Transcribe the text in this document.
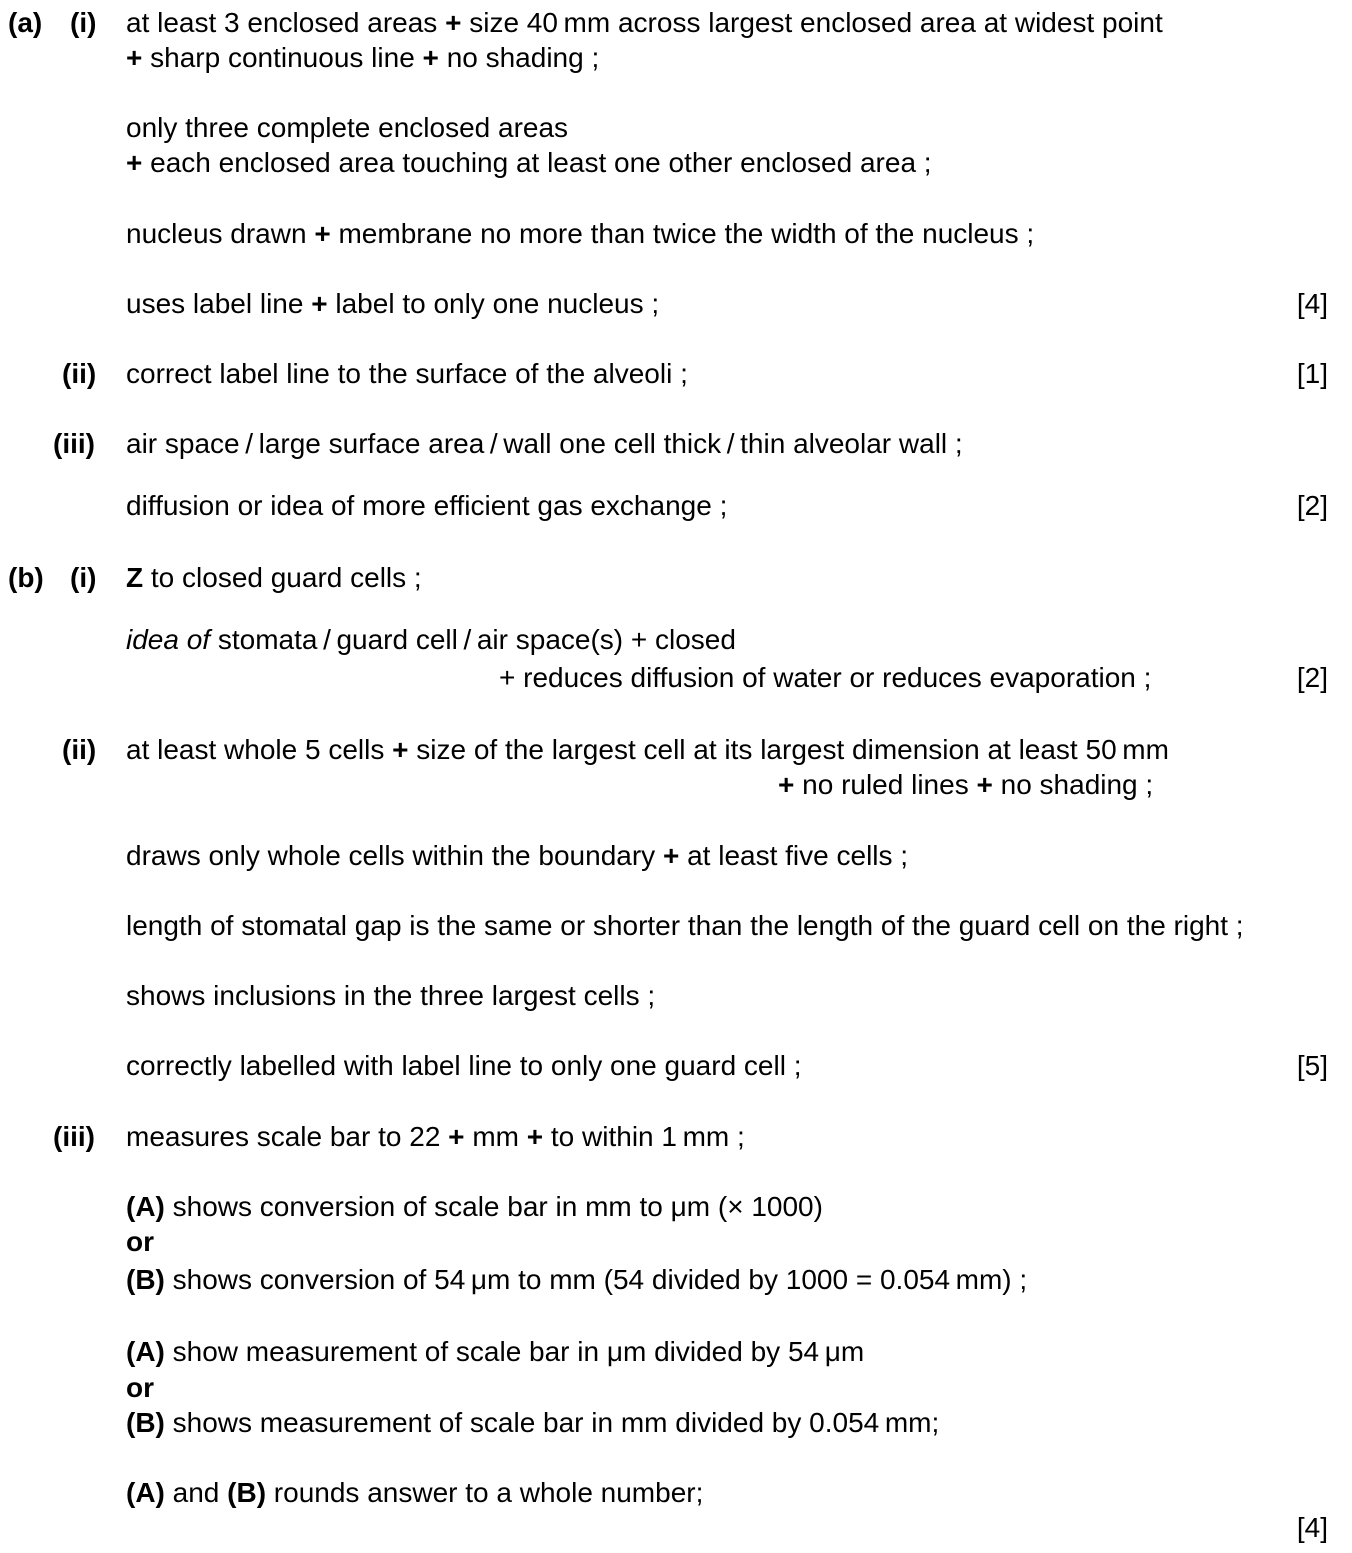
(a) (i) at least 3 enclosed areas + size 40 mm across largest enclosed area at widest point
+ sharp continuous line + no shading ;
only three complete enclosed areas
+ each enclosed area touching at least one other enclosed area ;
nucleus drawn + membrane no more than twice the width of the nucleus ;
uses label line + label to only one nucleus ;	[4]
(ii) correct label line to the surface of the alveoli ;	[1]
(iii) air space / large surface area / wall one cell thick / thin alveolar wall ;
diffusion or idea of more efficient gas exchange ;	[2]
(b) (i) Z to closed guard cells ;
idea of stomata / guard cell / air space(s) + closed
+ reduces diffusion of water or reduces evaporation ;	[2]
(ii) at least whole 5 cells + size of the largest cell at its largest dimension at least 50 mm
+ no ruled lines + no shading ;
draws only whole cells within the boundary + at least five cells ;
length of stomatal gap is the same or shorter than the length of the guard cell on the right ;
shows inclusions in the three largest cells ;
correctly labelled with label line to only one guard cell ;	[5]
(iii) measures scale bar to 22 + mm + to within 1 mm ;
(A) shows conversion of scale bar in mm to μm (× 1000)
or
(B) shows conversion of 54 μm to mm (54 divided by 1000 = 0.054 mm) ;
(A) show measurement of scale bar in μm divided by 54 μm
or
(B) shows measurement of scale bar in mm divided by 0.054 mm;
(A) and (B) rounds answer to a whole number;
[4]
